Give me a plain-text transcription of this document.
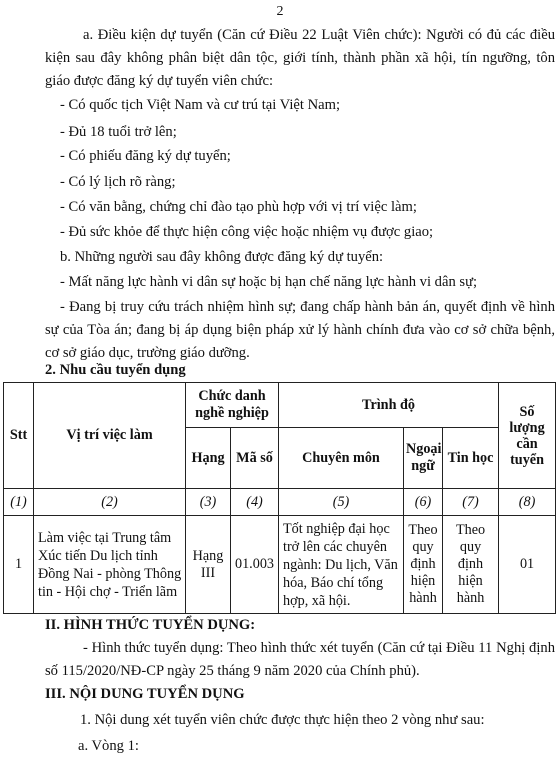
2

a. Điều kiện dự tuyển (Căn cứ Điều 22 Luật Viên chức): Người có đủ các điều kiện sau đây không phân biệt dân tộc, giới tính, thành phần xã hội, tín ngưỡng, tôn giáo được đăng ký dự tuyển viên chức:

- Có quốc tịch Việt Nam và cư trú tại Việt Nam;

- Đủ 18 tuổi trở lên;

- Có phiếu đăng ký dự tuyển;

- Có lý lịch rõ ràng;

- Có văn bằng, chứng chỉ đào tạo phù hợp với vị trí việc làm;

- Đủ sức khỏe để thực hiện công việc hoặc nhiệm vụ được giao;

b. Những người sau đây không được đăng ký dự tuyển:

- Mất năng lực hành vi dân sự hoặc bị hạn chế năng lực hành vi dân sự;

- Đang bị truy cứu trách nhiệm hình sự; đang chấp hành bản án, quyết định về hình sự của Tòa án; đang bị áp dụng biện pháp xử lý hành chính đưa vào cơ sở chữa bệnh, cơ sở giáo dục, trường giáo dưỡng.

2. Nhu cầu tuyển dụng

Stt	Vị trí việc làm	Chức danh nghề nghiệp		Trình độ			Số lượng cần tuyển
		Hạng	Mã số	Chuyên môn	Ngoại ngữ	Tin học	
(1)	(2)	(3)	(4)	(5)	(6)	(7)	(8)
1	Làm việc tại Trung tâm Xúc tiến Du lịch tỉnh Đồng Nai - phòng Thông tin - Hội chợ - Triển lãm	Hạng III	01.003	Tốt nghiệp đại học trở lên các chuyên ngành: Du lịch, Văn hóa, Báo chí tổng hợp, xã hội.	Theo quy định hiện hành	Theo quy định hiện hành	01

II. HÌNH THỨC TUYỂN DỤNG:

- Hình thức tuyển dụng: Theo hình thức xét tuyển (Căn cứ tại Điều 11 Nghị định số 115/2020/NĐ-CP ngày 25 tháng 9 năm 2020 của Chính phủ).

III. NỘI DUNG TUYỂN DỤNG

1. Nội dung xét tuyển viên chức được thực hiện theo 2 vòng như sau:

a. Vòng 1:
